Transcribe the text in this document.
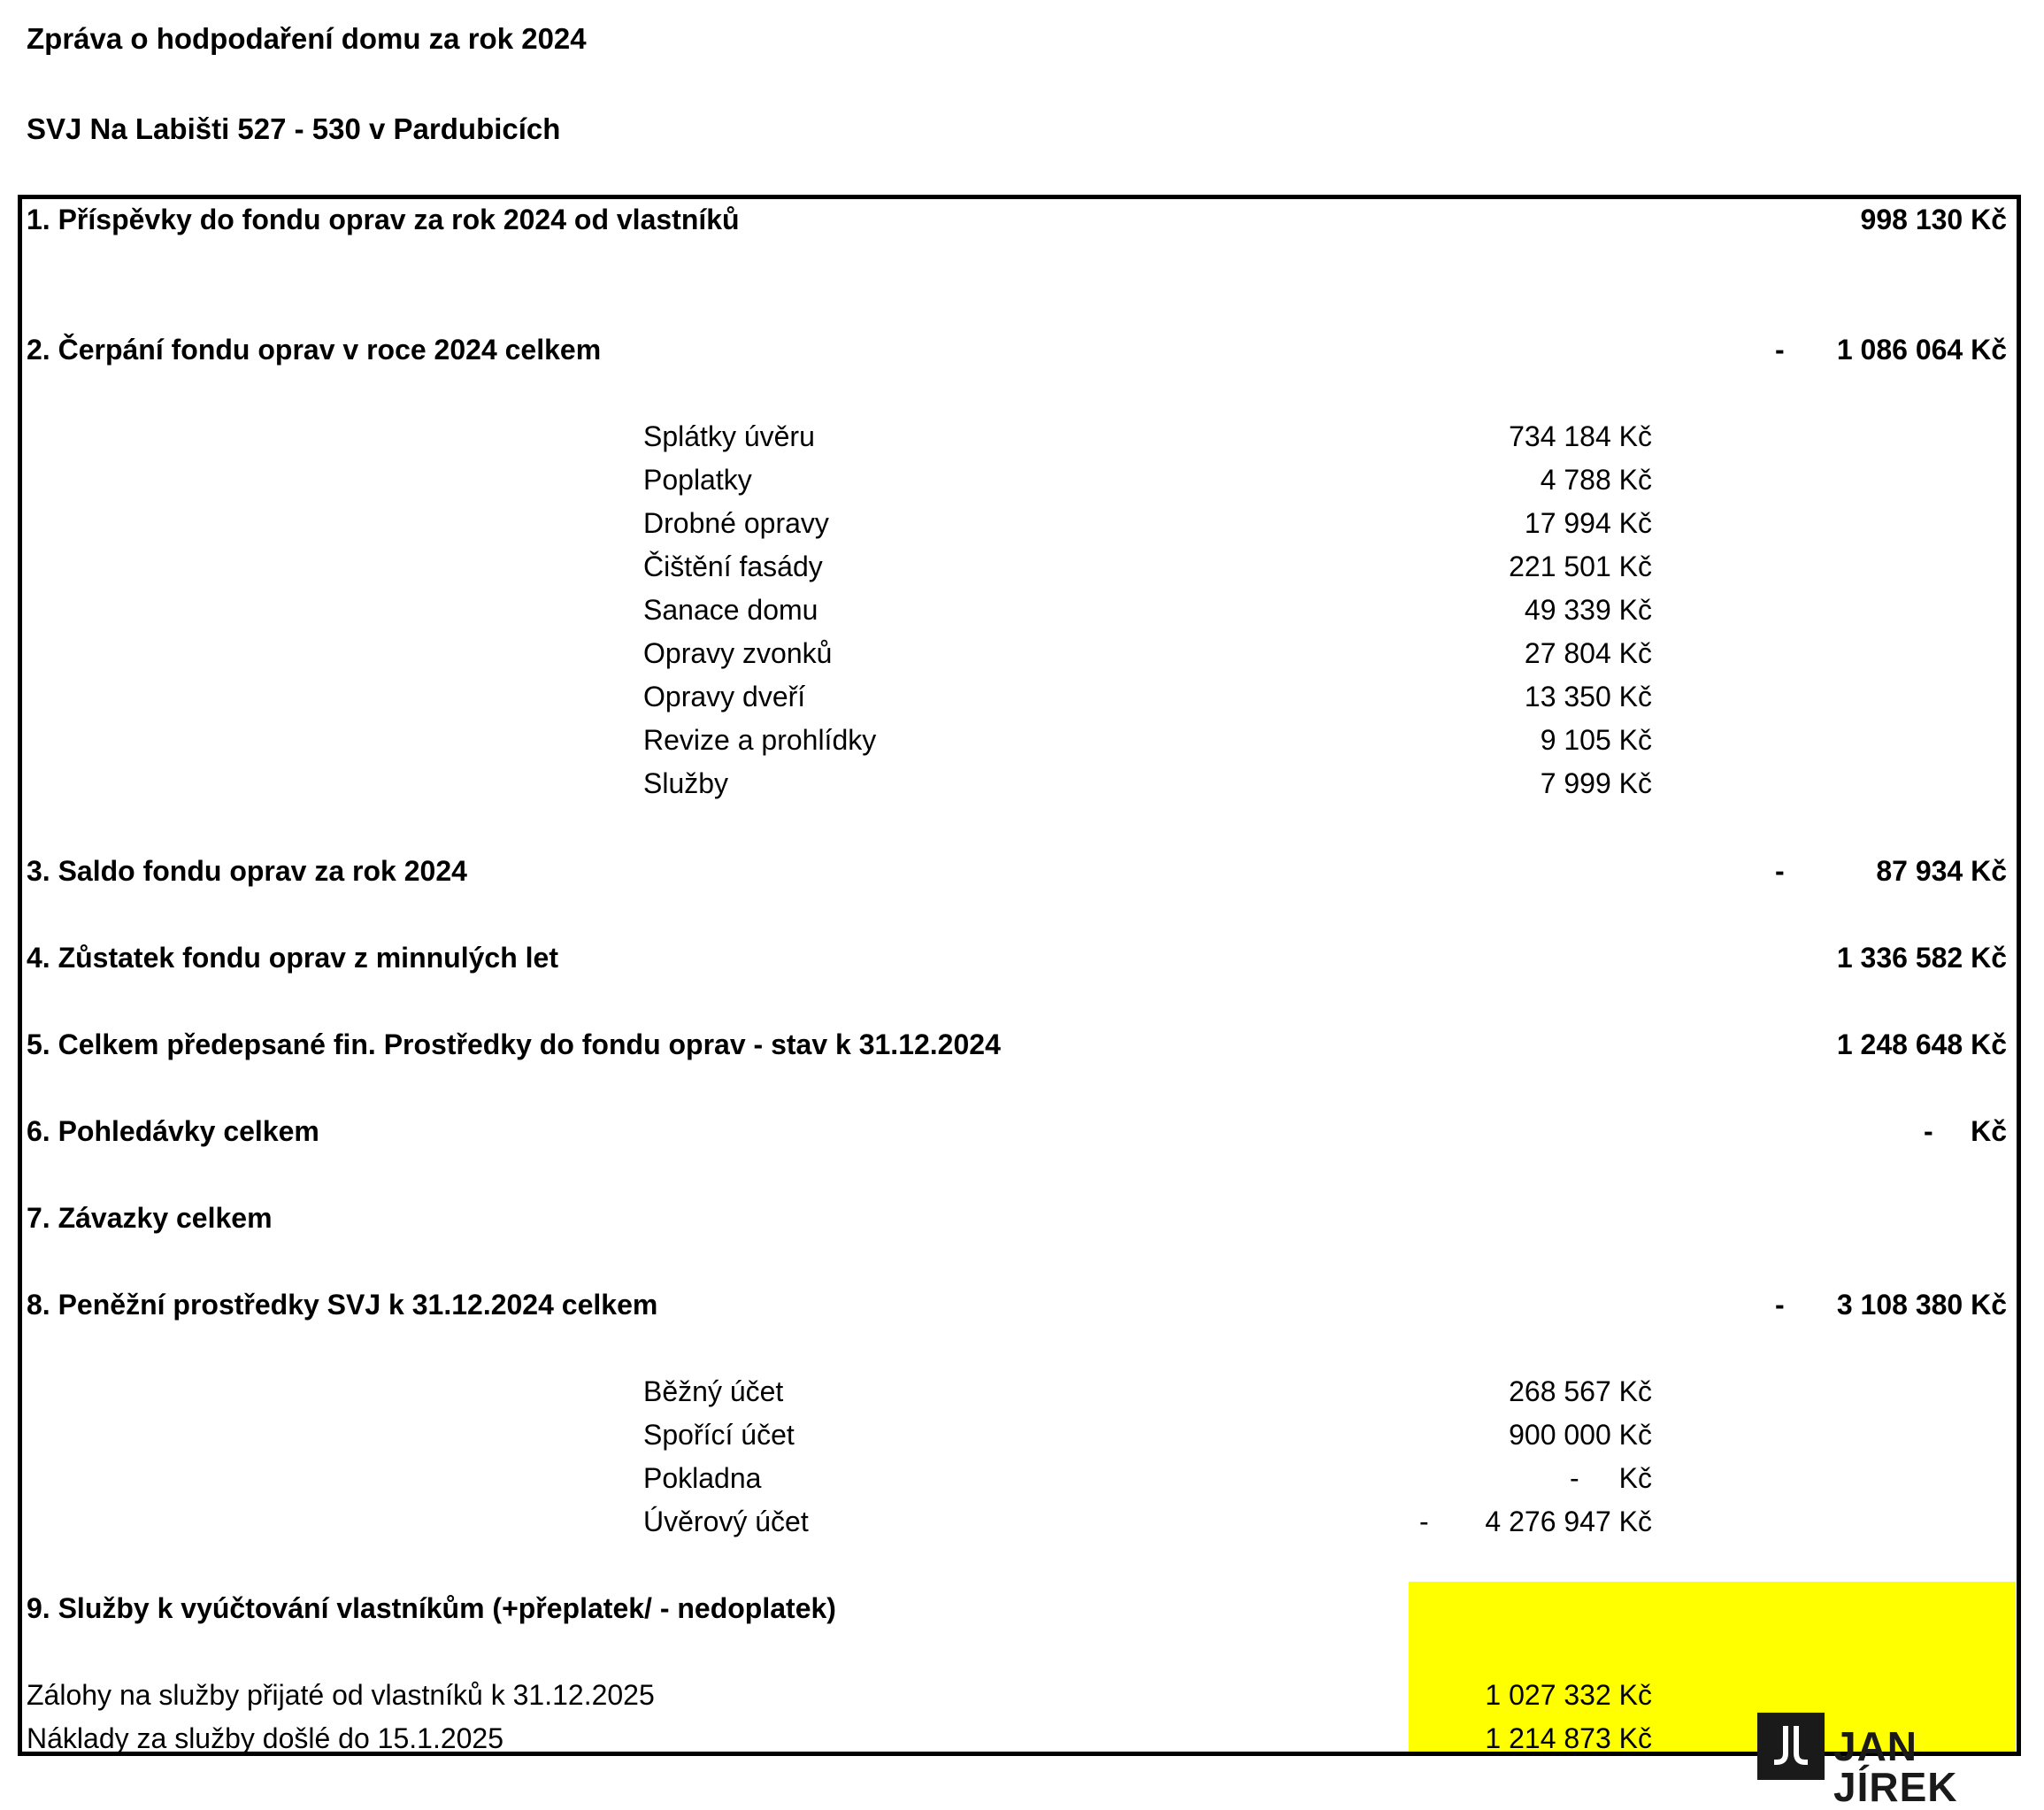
Zpráva o hodpodaření domu za rok 2024
SVJ Na Labišti 527 - 530 v Pardubicích
1. Příspěvky do fondu oprav za rok 2024 od vlastníků	998 130 Kč
2. Čerpání fondu oprav v roce 2024 celkem	- 1 086 064 Kč
Splátky úvěru	734 184 Kč
Poplatky	4 788 Kč
Drobné opravy	17 994 Kč
Čištění fasády	221 501 Kč
Sanace domu	49 339 Kč
Opravy zvonků	27 804 Kč
Opravy dveří	13 350 Kč
Revize a prohlídky	9 105 Kč
Služby	7 999 Kč
3. Saldo fondu oprav za rok 2024	-	87 934 Kč
4. Zůstatek fondu oprav z minnulých let	1 336 582 Kč
5. Celkem předepsané fin. Prostředky do fondu oprav - stav k 31.12.2024	1 248 648 Kč
6. Pohledávky celkem	- Kč
7. Závazky celkem
8. Peněžní prostředky SVJ k 31.12.2024 celkem	- 3 108 380 Kč
Běžný účet	268 567 Kč
Spořící účet	900 000 Kč
Pokladna	- Kč
Úvěrový účet	- 4 276 947 Kč
9. Služby k vyúčtování vlastníkům (+přeplatek/ - nedoplatek)
Zálohy na služby přijaté od vlastníků k 31.12.2025	1 027 332 Kč
Náklady za služby došlé do 15.1.2025	1 214 873 Kč	JAN JÍREK
